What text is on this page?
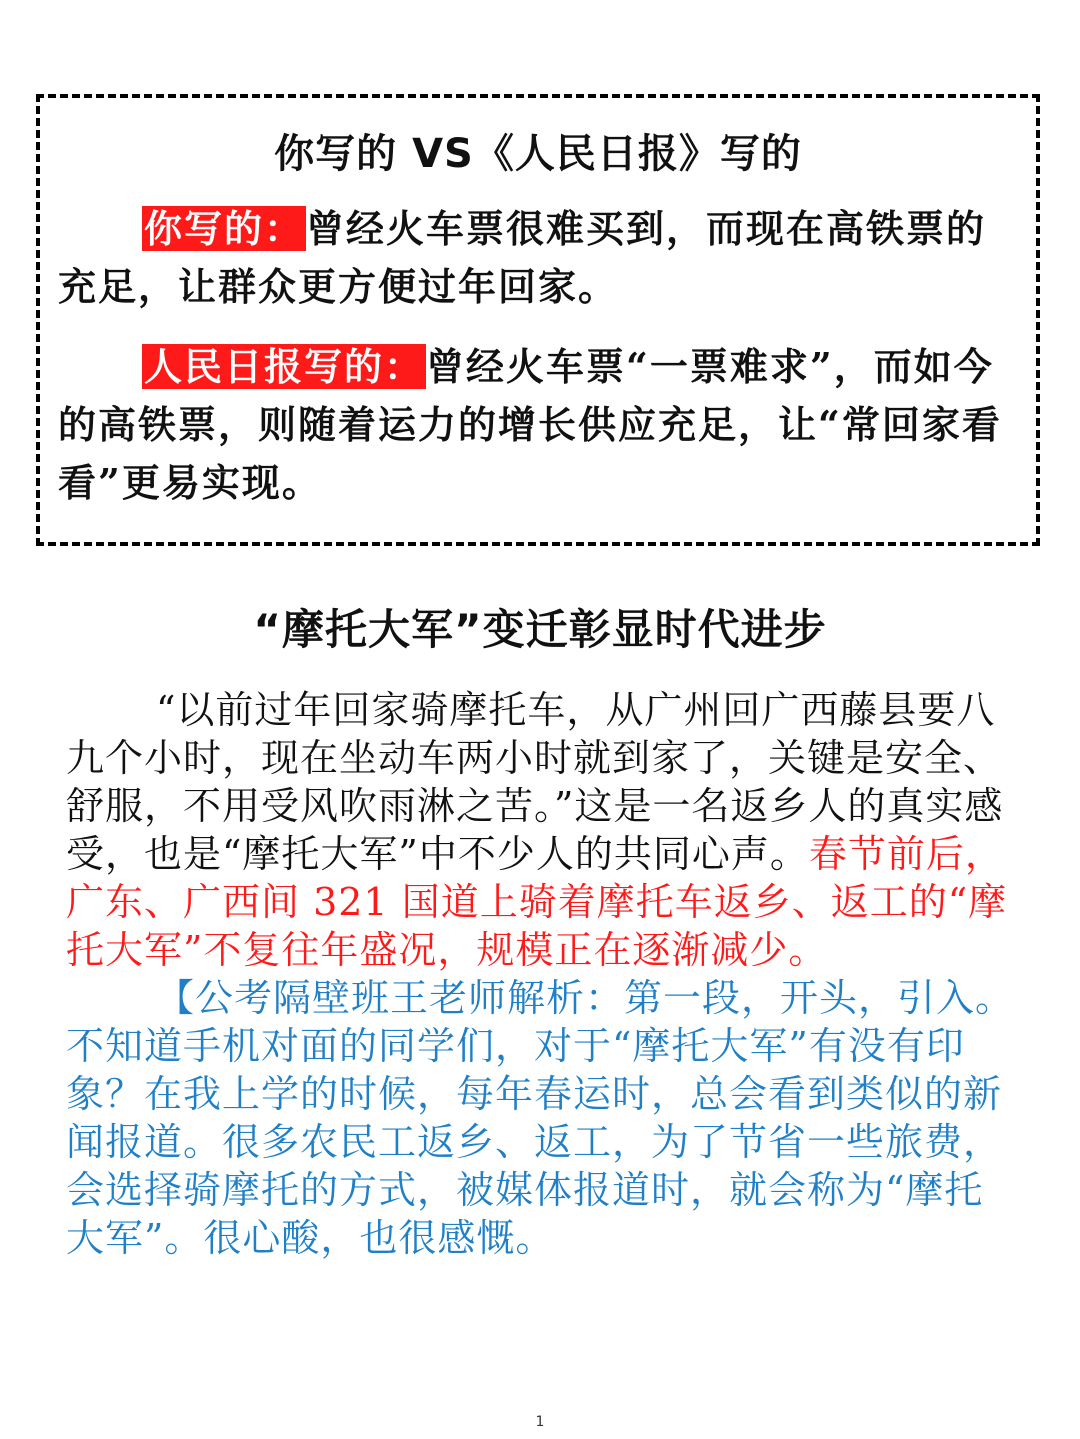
你写的 VS《人民日报》写的

你写的：曾经火车票很难买到，而现在高铁票的充足，让群众更方便过年回家。

人民日报写的：曾经火车票“一票难求”，而如今的高铁票，则随着运力的增长供应充足，让“常回家看看”更易实现。

“摩托大军”变迁彰显时代进步

“以前过年回家骑摩托车，从广州回广西藤县要八九个小时，现在坐动车两小时就到家了，关键是安全、舒服，不用受风吹雨淋之苦。”这是一名返乡人的真实感受，也是“摩托大军”中不少人的共同心声。春节前后，广东、广西间 321 国道上骑着摩托车返乡、返工的“摩托大军”不复往年盛况，规模正在逐渐减少。

【公考隔壁班王老师解析：第一段，开头，引入。不知道手机对面的同学们，对于“摩托大军”有没有印象？在我上学的时候，每年春运时，总会看到类似的新闻报道。很多农民工返乡、返工，为了节省一些旅费，会选择骑摩托的方式，被媒体报道时，就会称为“摩托大军”。很心酸，也很感慨。

1
